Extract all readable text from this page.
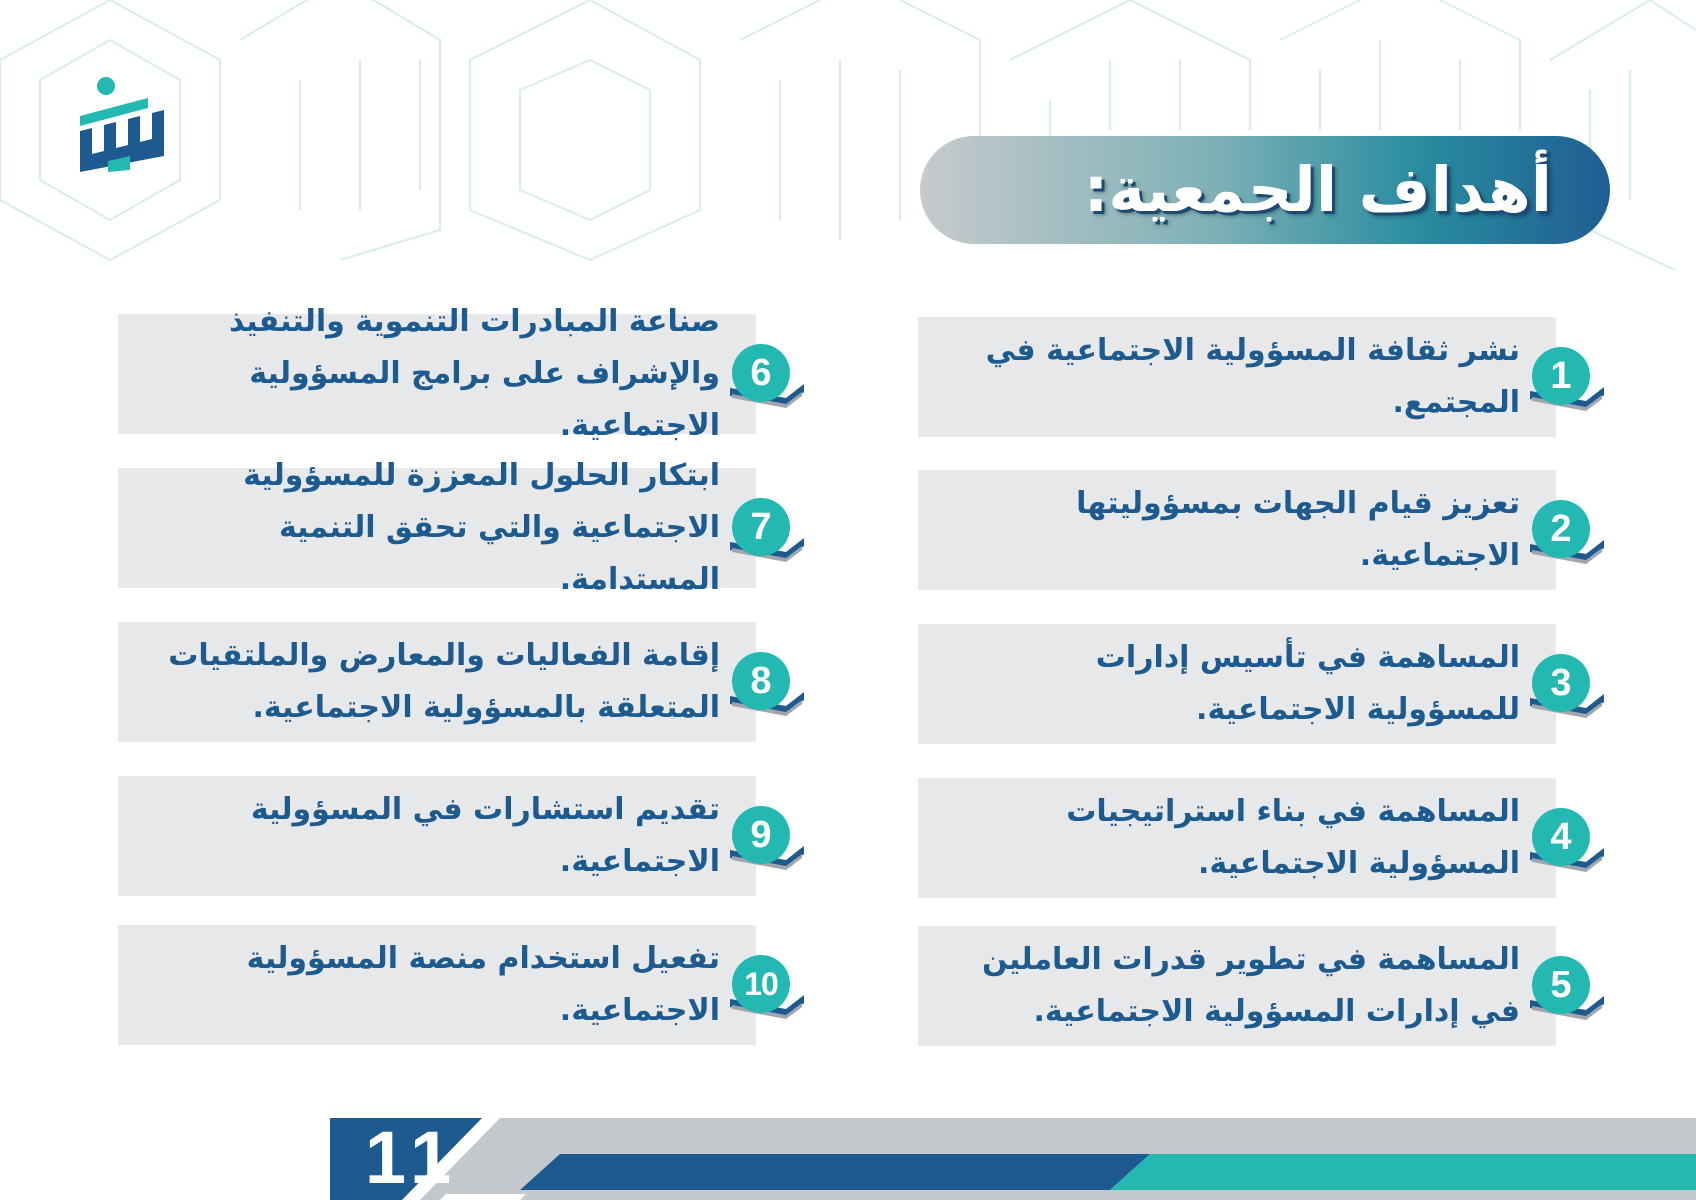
أهداف الجمعية:
نشر ثقافة المسؤولية الاجتماعية في المجتمع.
1
تعزيز قيام الجهات بمسؤوليتها الاجتماعية.
2
المساهمة في تأسيس إدارات للمسؤولية الاجتماعية.
3
المساهمة في بناء استراتيجيات المسؤولية الاجتماعية.
4
المساهمة في تطوير قدرات العاملين في إدارات المسؤولية الاجتماعية.
5
صناعة المبادرات التنموية والتنفيذ والإشراف على برامج المسؤولية الاجتماعية.
6
ابتكار الحلول المعززة للمسؤولية الاجتماعية والتي تحقق التنمية المستدامة.
7
إقامة الفعاليات والمعارض والملتقيات المتعلقة بالمسؤولية الاجتماعية.
8
تقديم استشارات في المسؤولية الاجتماعية.
9
تفعيل استخدام منصة المسؤولية الاجتماعية.
10
11
